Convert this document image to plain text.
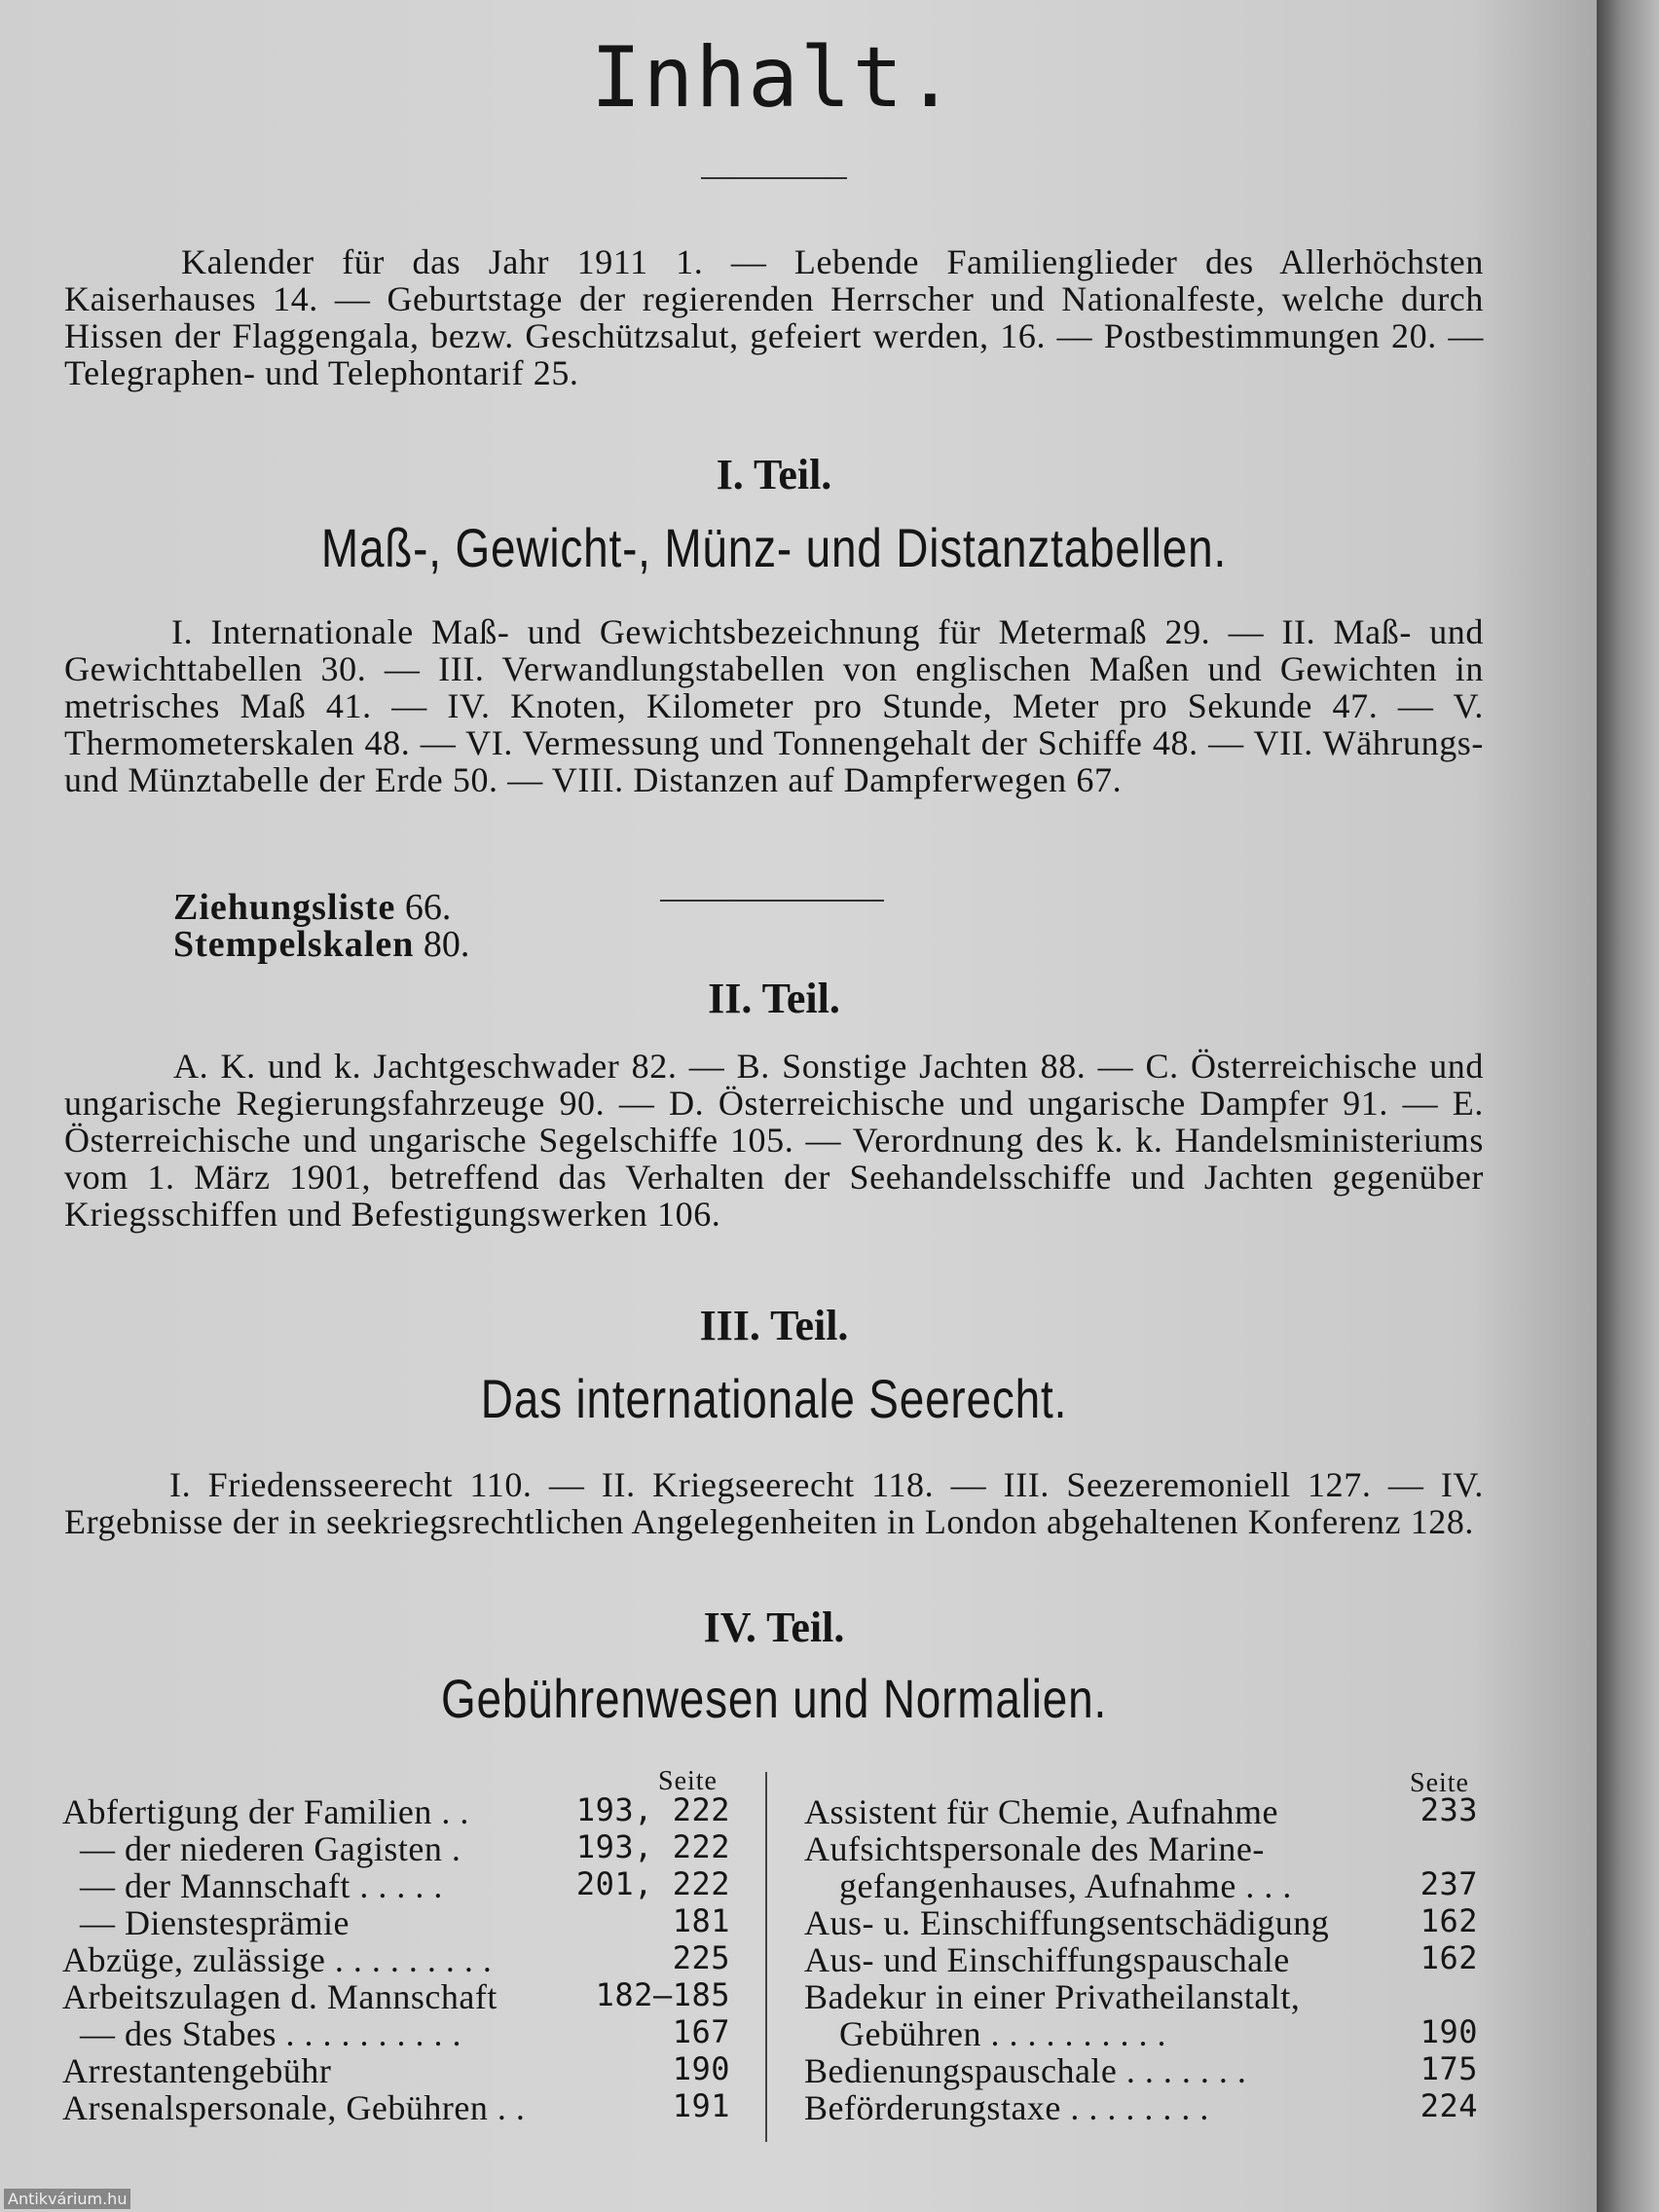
Inhalt.
Kalender für das Jahr 1911 1. — Lebende Familienglieder des Allerhöchsten Kaiserhauses 14. — Geburtstage der regierenden Herrscher und Nationalfeste, welche durch Hissen der Flaggengala, bezw. Geschützsalut, gefeiert werden, 16. — Postbestimmungen 20. — Telegraphen- und Telephontarif 25.
I. Teil.
Maß-, Gewicht-, Münz- und Distanztabellen.
I. Internationale Maß- und Gewichtsbezeichnung für Metermaß 29. — II. Maß- und Gewichttabellen 30. — III. Verwandlungstabellen von englischen Maßen und Gewichten in metrisches Maß 41. — IV. Knoten, Kilometer pro Stunde, Meter pro Sekunde 47. — V. Thermometerskalen 48. — VI. Vermessung und Tonnengehalt der Schiffe 48. — VII. Währungs- und Münztabelle der Erde 50. — VIII. Distanzen auf Dampferwegen 67.
Ziehungsliste 66.
Stempelskalen 80.
II. Teil.
A. K. und k. Jachtgeschwader 82. — B. Sonstige Jachten 88. — C. Österreichische und ungarische Regierungsfahrzeuge 90. — D. Österreichische und ungarische Dampfer 91. — E. Österreichische und ungarische Segelschiffe 105. — Verordnung des k. k. Handelsministeriums vom 1. März 1901, betreffend das Verhalten der Seehandelsschiffe und Jachten gegenüber Kriegsschiffen und Befestigungswerken 106.
III. Teil.
Das internationale Seerecht.
I. Friedensseerecht 110. — II. Kriegseerecht 118. — III. Seezeremoniell 127. — IV. Ergebnisse der in seekriegsrechtlichen Angelegenheiten in London abgehaltenen Konferenz 128.
IV. Teil.
Gebührenwesen und Normalien.
Seite	Seite
Abfertigung der Familien . .	193, 222
— der niederen Gagisten .	193, 222
— der Mannschaft . . . . .	201, 222
— Dienstesprämie	181
Abzüge, zulässige . . . . . . . . .	225
Arbeitszulagen d. Mannschaft	182—185
— des Stabes . . . . . . . . . .	167
Arrestantengebühr	190
Arsenalspersonale, Gebühren . .	191
Assistent für Chemie, Aufnahme	233
Aufsichtspersonale des Marine-
gefangenhauses, Aufnahme . . .	237
Aus- u. Einschiffungsentschädigung	162
Aus- und Einschiffungspauschale	162
Badekur in einer Privatheilanstalt,
Gebühren . . . . . . . . . .	190
Bedienungspauschale . . . . . . .	175
Beförderungstaxe . . . . . . . .	224
Antikvárium.hu
